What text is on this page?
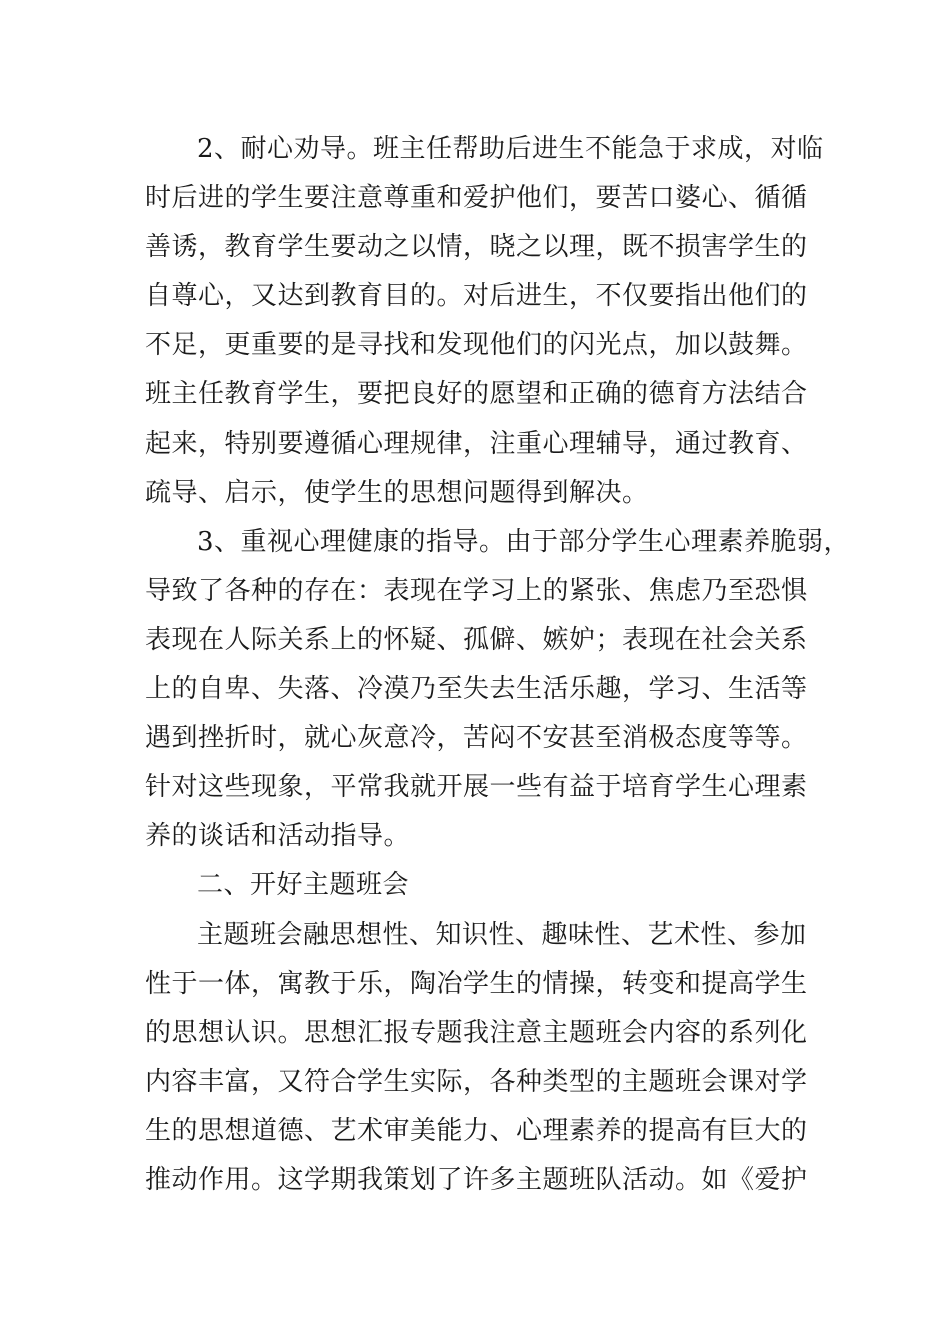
2、耐心劝导。班主任帮助后进生不能急于求成，对临
时后进的学生要注意尊重和爱护他们，要苦口婆心、循循
善诱，教育学生要动之以情，晓之以理，既不损害学生的
自尊心，又达到教育目的。对后进生，不仅要指出他们的
不足，更重要的是寻找和发现他们的闪光点，加以鼓舞。
班主任教育学生，要把良好的愿望和正确的德育方法结合
起来，特别要遵循心理规律，注重心理辅导，通过教育、
疏导、启示，使学生的思想问题得到解决。
3、重视心理健康的指导。由于部分学生心理素养脆弱，
导致了各种的存在：表现在学习上的紧张、焦虑乃至恐惧
表现在人际关系上的怀疑、孤僻、嫉妒；表现在社会关系
上的自卑、失落、冷漠乃至失去生活乐趣，学习、生活等
遇到挫折时，就心灰意冷，苦闷不安甚至消极态度等等。
针对这些现象，平常我就开展一些有益于培育学生心理素
养的谈话和活动指导。
二、开好主题班会
主题班会融思想性、知识性、趣味性、艺术性、参加
性于一体，寓教于乐，陶冶学生的情操，转变和提高学生
的思想认识。思想汇报专题我注意主题班会内容的系列化
内容丰富，又符合学生实际，各种类型的主题班会课对学
生的思想道德、艺术审美能力、心理素养的提高有巨大的
推动作用。这学期我策划了许多主题班队活动。如《爱护
